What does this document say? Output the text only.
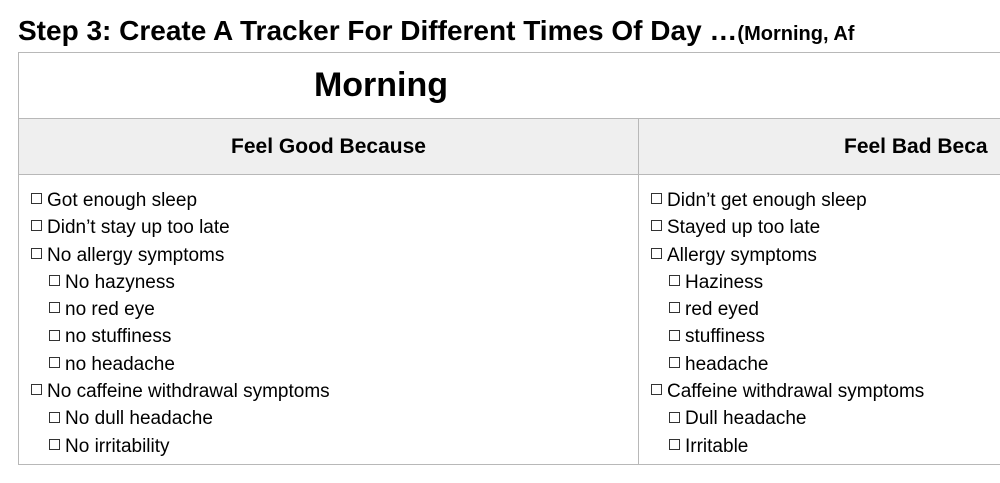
Step 3: Create A Tracker For Different Times Of Day …(Morning, Af
Morning
Feel Good Because	Feel Bad Beca
Got enough sleep
Didn’t stay up too late
No allergy symptoms
No hazyness
no red eye
no stuffiness
no headache
No caffeine withdrawal symptoms
No dull headache
No irritability
Didn’t get enough sleep
Stayed up too late
Allergy symptoms
Haziness
red eyed
stuffiness
headache
Caffeine withdrawal symptoms
Dull headache
Irritable
